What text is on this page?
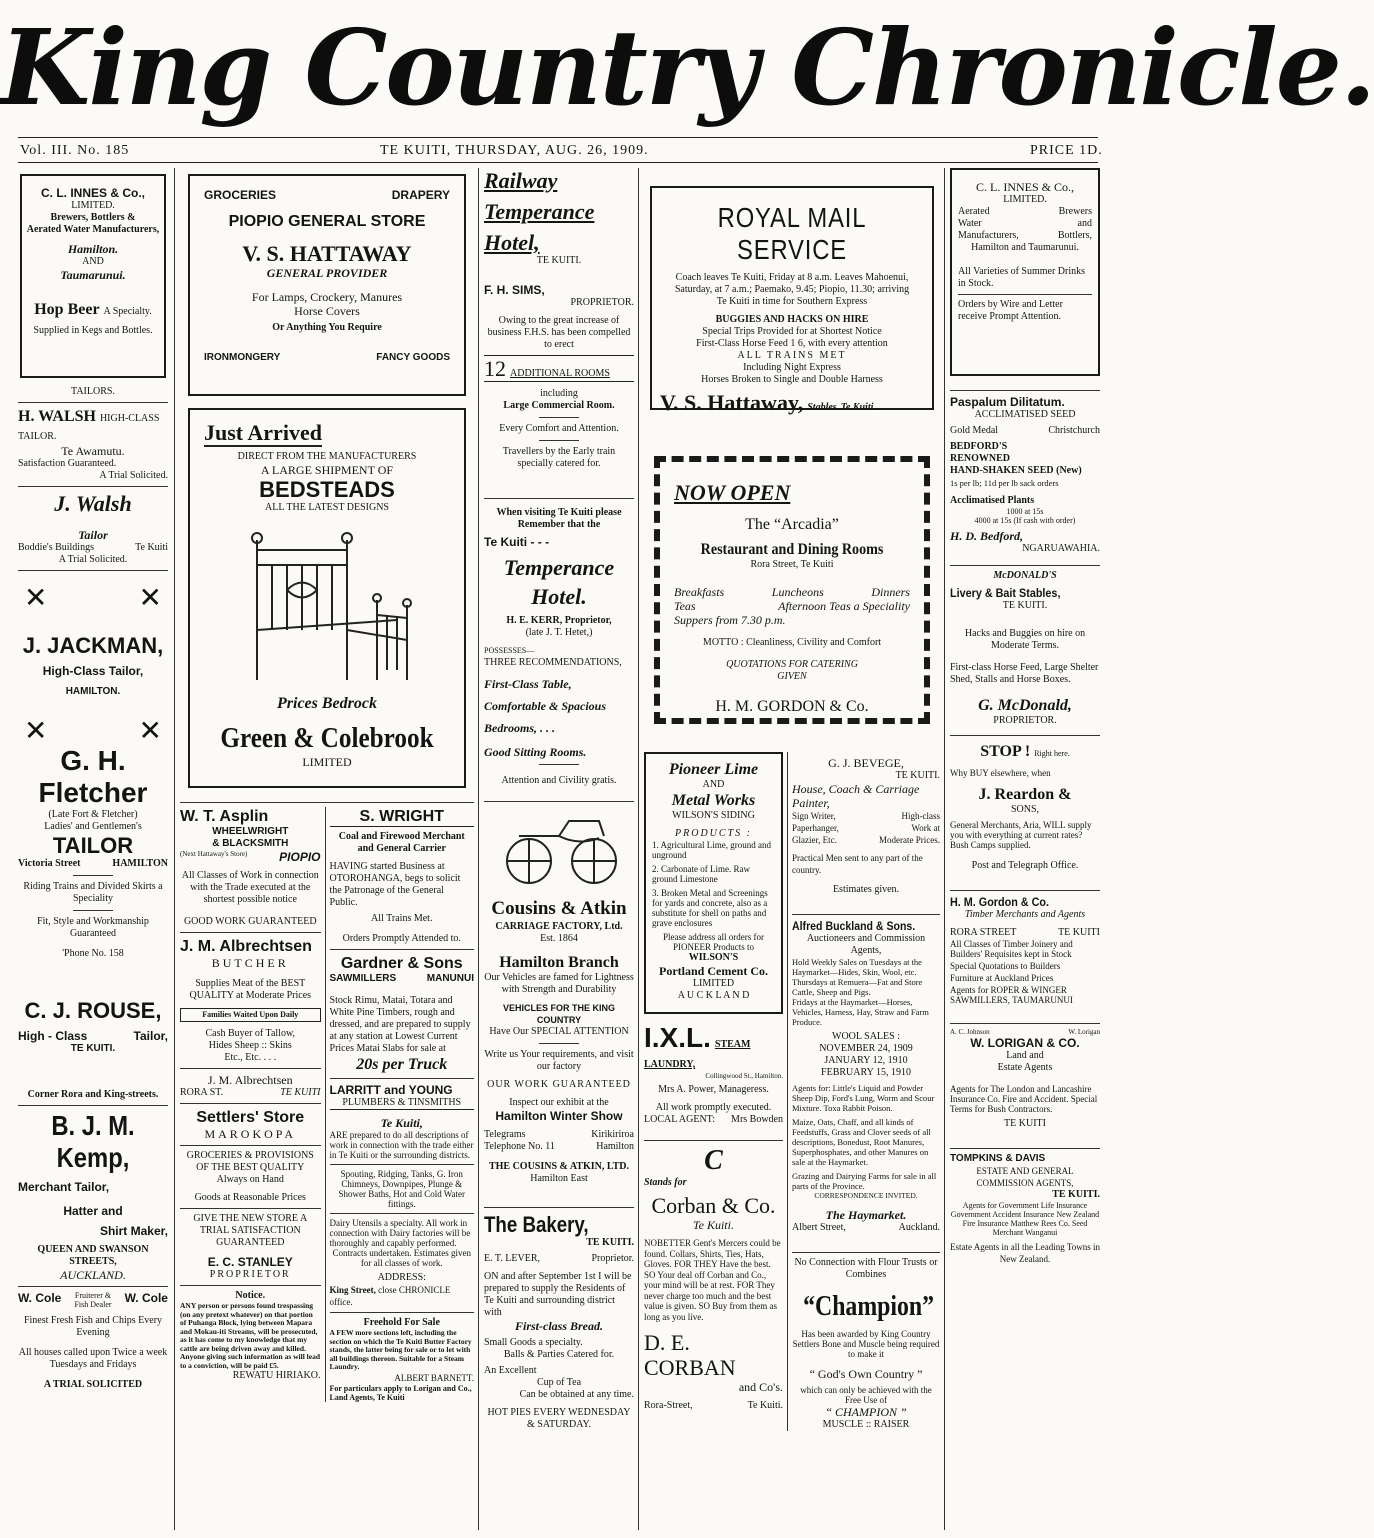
King Country Chronicle.
Vol. III. No. 185	TE KUITI, THURSDAY, AUG. 26, 1909.	PRICE 1D.

C. L. INNES & Co.,

LIMITED.

Brewers, Bottlers &

Aerated Water Manufacturers,

Hamilton.

AND

Taumarunui.

Hop Beer A Specialty.

Supplied in Kegs and Bottles.

TAILORS.

H. WALSH HIGH-CLASS TAILOR.

Te Awamutu.

Satisfaction Guaranteed.

A Trial Solicited.

J. Walsh

Tailor

Boddie's Buildings	Te Kuiti

A Trial Solicited.

✕	✕

J. JACKMAN,

High-Class Tailor,

HAMILTON.

✕	✕

G. H. Fletcher

(Late Fort & Fletcher)

Ladies' and Gentlemen's

TAILOR

Victoria Street	HAMILTON

Riding Trains and Divided Skirts a Speciality

Fit, Style and Workmanship Guaranteed

'Phone No. 158

C. J. ROUSE,

High - Class	Tailor,

TE KUITI.

Corner Rora and King-streets.

B. J. M. Kemp,

Merchant Tailor,

Hatter and

Shirt Maker,

QUEEN AND SWANSON STREETS,

AUCKLAND.

W. Cole Fruiterer &
Fish Dealer W. Cole

Finest Fresh Fish and Chips Every Evening

All houses called upon Twice a week Tuesdays and Fridays

A TRIAL SOLICITED

GROCERIES	DRAPERY

PIOPIO GENERAL STORE

V. S. HATTAWAY

GENERAL PROVIDER

For Lamps, Crockery, Manures

Horse Covers

Or Anything You Require

IRONMONGERY	FANCY GOODS

Just Arrived

DIRECT FROM THE MANUFACTURERS

A LARGE SHIPMENT OF

BEDSTEADS

ALL THE LATEST DESIGNS

Prices Bedrock

Green & Colebrook

LIMITED

W. T. Asplin

WHEELWRIGHT

& BLACKSMITH

(Next Hattaway's Store)	PIOPIO

All Classes of Work in connection with the Trade executed at the shortest possible notice

GOOD WORK GUARANTEED

J. M. Albrechtsen

BUTCHER

Supplies Meat of the BEST QUALITY at Moderate Prices

Families Waited Upon Daily

Cash Buyer of Tallow, Hides Sheep :: Skins Etc., Etc. . . .

J. M. Albrechtsen

RORA ST.	TE KUITI

Settlers' Store

MAROKOPA

GROCERIES & PROVISIONS OF THE BEST QUALITY

Always on Hand

Goods at Reasonable Prices

GIVE THE NEW STORE A TRIAL SATISFACTION GUARANTEED

E. C. STANLEY

PROPRIETOR

Notice.

ANY person or persons found trespassing (on any pretext whatever) on that portion of Puhanga Block, lying between Mapara and Mokau-iti Streams, will be prosecuted, as it has come to my knowledge that my cattle are being driven away and killed. Anyone giving such information as will lead to a conviction, will be paid £5.

REWATU HIRIAKO.

S. WRIGHT

Coal and Firewood Merchant

and General Carrier

HAVING started Business at OTOROHANGA, begs to solicit the Patronage of the General Public.

All Trains Met.

Orders Promptly Attended to.

Gardner & Sons

SAWMILLERS	MANUNUI

Stock Rimu, Matai, Totara and White Pine Timbers, rough and dressed, and are prepared to supply at any station at Lowest Current Prices Matai Slabs for sale at

20s per Truck

LARRITT and YOUNG

PLUMBERS & TINSMITHS

Te Kuiti,

ARE prepared to do all descriptions of work in connection with the trade either in Te Kuiti or the surrounding districts.

Spouting, Ridging, Tanks, G. Iron Chimneys, Downpipes, Plunge & Shower Baths, Hot and Cold Water fittings.

Dairy Utensils a specialty. All work in connection with Dairy factories will be thoroughly and capably performed.

Contracts undertaken. Estimates given for all classes of work.

ADDRESS:

King Street, close CHRONICLE office.

Freehold For Sale

A FEW more sections left, including the section on which the Te Kuiti Butter Factory stands, the latter being for sale or to let with all buildings thereon. Suitable for a Steam Laundry.

ALBERT BARNETT.

For particulars apply to Lorigan and Co., Land Agents, Te Kuiti

Railway

Temperance

Hotel,

TE KUITI.

F. H. SIMS,

PROPRIETOR.

Owing to the great increase of business F.H.S. has been compelled to erect

12 ADDITIONAL ROOMS

including

Large Commercial Room.

Every Comfort and Attention.

Travellers by the Early train specially catered for.

When visiting Te Kuiti please Remember that the

Te Kuiti - - -

Temperance

Hotel.

H. E. KERR, Proprietor,

(late J. T. Hetet,)

POSSESSES—

THREE RECOMMENDATIONS,

First-Class Table,

Comfortable & Spacious

Bedrooms, . . .

Good Sitting Rooms.

Attention and Civility gratis.

Cousins & Atkin

CARRIAGE FACTORY, Ltd.

Est. 1864

Hamilton Branch

Our Vehicles are famed for Lightness with Strength and Durability

VEHICLES FOR THE KING COUNTRY

Have Our SPECIAL ATTENTION

Write us Your requirements, and visit our factory

OUR WORK GUARANTEED

Inspect our exhibit at the

Hamilton Winter Show

Telegrams	Kirikiriroa

Telephone No. 11	Hamilton

THE COUSINS & ATKIN, LTD.

Hamilton East

The Bakery,

TE KUITI.

E. T. LEVER,	Proprietor.

ON and after September 1st I will be prepared to supply the Residents of Te Kuiti and surrounding district with

First-class Bread.

Small Goods a specialty.

Balls & Parties Catered for.

An Excellent

Cup of Tea

Can be obtained at any time.

HOT PIES EVERY WEDNESDAY & SATURDAY.

ROYAL MAIL SERVICE

Coach leaves Te Kuiti, Friday at 8 a.m. Leaves Mahoenui, Saturday, at 7 a.m.; Paemako, 9.45; Piopio, 11.30; arriving Te Kuiti in time for Southern Express

BUGGIES AND HACKS ON HIRE

Special Trips Provided for at Shortest Notice

First-Class Horse Feed 1 6, with every attention

ALL TRAINS MET

Including Night Express

Horses Broken to Single and Double Harness

V. S. Hattaway, Stables Te Kuiti

NOW OPEN

The “Arcadia”

Restaurant and Dining Rooms

Rora Street, Te Kuiti

Breakfasts	Luncheons	Dinners

Teas	Afternoon Teas a Speciality

Suppers from 7.30 p.m.

MOTTO : Cleanliness, Civility and Comfort

QUOTATIONS FOR CATERING GIVEN

H. M. GORDON & Co.

Pioneer Lime

AND

Metal Works

WILSON'S SIDING

PRODUCTS :

1. Agricultural Lime, ground and unground

2. Carbonate of Lime. Raw ground Limestone

3. Broken Metal and Screenings for yards and concrete, also as a substitute for shell on paths and grave enclosures

Please address all orders for PIONEER Products to

WILSON'S

Portland Cement Co.

LIMITED

A U C K L A N D

I.X.L. STEAM LAUNDRY,

Collingwood St., Hamilton.

Mrs A. Power, Manageress.

All work promptly executed.

LOCAL AGENT: Mrs Bowden

C

Stands for

Corban & Co.

Te Kuiti.

NOBETTER Gent's Mercers could be found. Collars, Shirts, Ties, Hats, Gloves. FOR THEY Have the best. SO Your deal off Corban and Co., your mind will be at rest. FOR They never charge too much and the best value is given. SO Buy from them as long as you live.

D. E. CORBAN

and Co's.

Rora-Street,	Te Kuiti.

G. J. BEVEGE,

TE KUITI.

House, Coach & Carriage Painter,

Sign Writer,	High-class

Paperhanger,	Work at

Glazier, Etc.	Moderate Prices.

Practical Men sent to any part of the country.

Estimates given.

Alfred Buckland & Sons.

Auctioneers and Commission Agents,

Hold Weekly Sales on Tuesdays at the Haymarket—Hides, Skin, Wool, etc.

Thursdays at Remuera—Fat and Store Cattle, Sheep and Pigs.

Fridays at the Haymarket—Horses, Vehicles, Harness, Hay, Straw and Farm Produce.

WOOL SALES :

NOVEMBER 24, 1909

JANUARY 12, 1910

FEBRUARY 15, 1910

Agents for: Little's Liquid and Powder Sheep Dip, Ford's Lung, Worm and Scour Mixture. Toxa Rabbit Poison.

Maize, Oats, Chaff, and all kinds of Feedstuffs, Grass and Clover seeds of all descriptions, Bonedust, Root Manures, Superphosphates, and other Manures on sale at the Haymarket.

Grazing and Dairying Farms for sale in all parts of the Province.

CORRESPONDENCE INVITED.

The Haymarket.

Albert Street,	Auckland.

No Connection with Flour Trusts or Combines

“Champion”

Has been awarded by King Country Settlers Bone and Muscle being required to make it

“ God's Own Country ”

which can only be achieved with the Free Use of

“ CHAMPION ”

MUSCLE :: RAISER

C. L. INNES & Co.,

LIMITED.

Aerated	Brewers

Water	and

Manufacturers,	Bottlers,

Hamilton and Taumarunui.

All Varieties of Summer Drinks in Stock.

Orders by Wire and Letter receive Prompt Attention.

Paspalum Dilitatum.

ACCLIMATISED SEED

Gold Medal	Christchurch

BEDFORD'S

RENOWNED

HAND-SHAKEN SEED (New)

1s per lb; 11d per lb sack orders

Acclimatised Plants

1000 at 15s

4000 at 15s (If cash with order)

H. D. Bedford,

NGARUAWAHIA.

McDONALD'S

Livery & Bait Stables,

TE KUITI.

Hacks and Buggies on hire on Moderate Terms.

First-class Horse Feed, Large Shelter Shed, Stalls and Horse Boxes.

G. McDonald,

PROPRIETOR.

STOP ! Right here.

Why BUY elsewhere, when

J. Reardon &

SONS,

General Merchants, Aria, WILL supply you with everything at current rates? Bush Camps supplied.

Post and Telegraph Office.

H. M. Gordon & Co.

Timber Merchants and Agents

RORA STREET	TE KUITI

All Classes of Timber Joinery and Builders' Requisites kept in Stock

Special Quotations to Builders

Furniture at Auckland Prices

Agents for ROPER & WINGER SAWMILLERS, TAUMARUNUI

A. C. Johnson	W. Lorigan

W. LORIGAN & CO.

Land and

Estate Agents

Agents for The London and Lancashire Insurance Co. Fire and Accident. Special Terms for Bush Contractors.

TE KUITI

TOMPKINS & DAVIS

ESTATE AND GENERAL COMMISSION AGENTS,

TE KUITI.

Agents for Government Life Insurance Government Accident Insurance New Zealand Fire Insurance Matthew Rees Co. Seed Merchant Wanganui

Estate Agents in all the Leading Towns in New Zealand.
